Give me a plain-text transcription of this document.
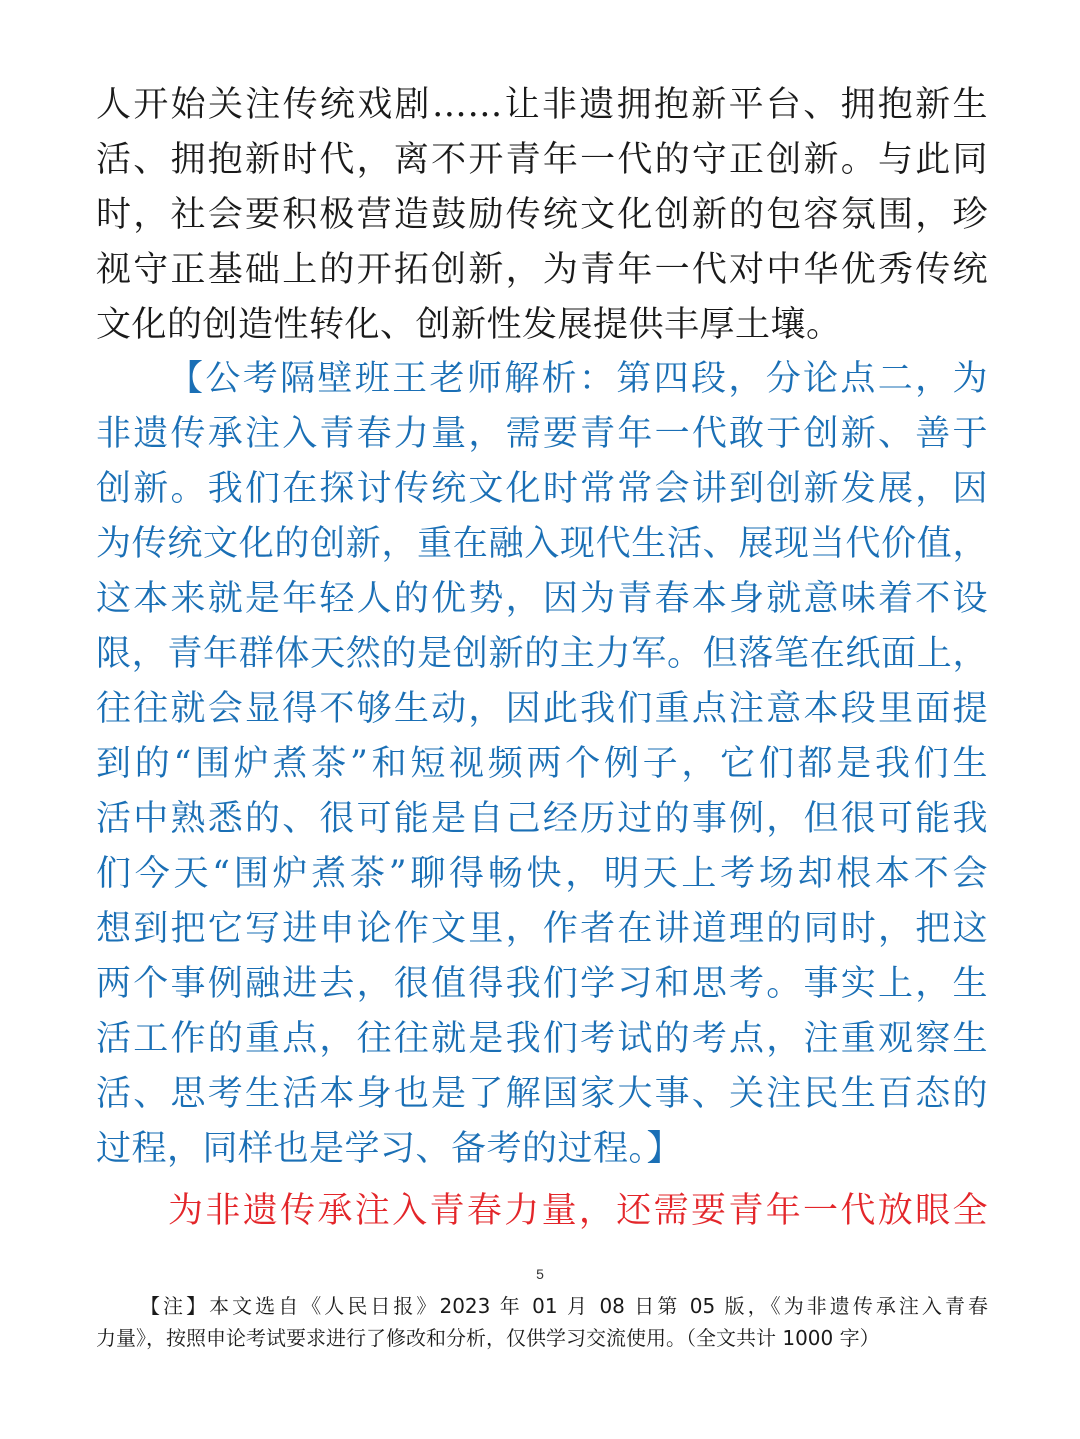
人开始关注传统戏剧……让非遗拥抱新平台、拥抱新生
活、拥抱新时代，离不开青年一代的守正创新。与此同
时，社会要积极营造鼓励传统文化创新的包容氛围，珍
视守正基础上的开拓创新，为青年一代对中华优秀传统
文化的创造性转化、创新性发展提供丰厚土壤。
【公考隔壁班王老师解析：第四段，分论点二，为
非遗传承注入青春力量，需要青年一代敢于创新、善于
创新。我们在探讨传统文化时常常会讲到创新发展，因
为传统文化的创新，重在融入现代生活、展现当代价值，
这本来就是年轻人的优势，因为青春本身就意味着不设
限，青年群体天然的是创新的主力军。但落笔在纸面上，
往往就会显得不够生动，因此我们重点注意本段里面提
到的“围炉煮茶”和短视频两个例子，它们都是我们生
活中熟悉的、很可能是自己经历过的事例，但很可能我
们今天“围炉煮茶”聊得畅快，明天上考场却根本不会
想到把它写进申论作文里，作者在讲道理的同时，把这
两个事例融进去，很值得我们学习和思考。事实上，生
活工作的重点，往往就是我们考试的考点，注重观察生
活、思考生活本身也是了解国家大事、关注民生百态的
过程，同样也是学习、备考的过程。】
为非遗传承注入青春力量，还需要青年一代放眼全
5
【注】本文选自《人民日报》2023 年 01 月 08 日第 05 版，《为非遗传承注入青春
力量》，按照申论考试要求进行了修改和分析，仅供学习交流使用。（全文共计 1000 字）
